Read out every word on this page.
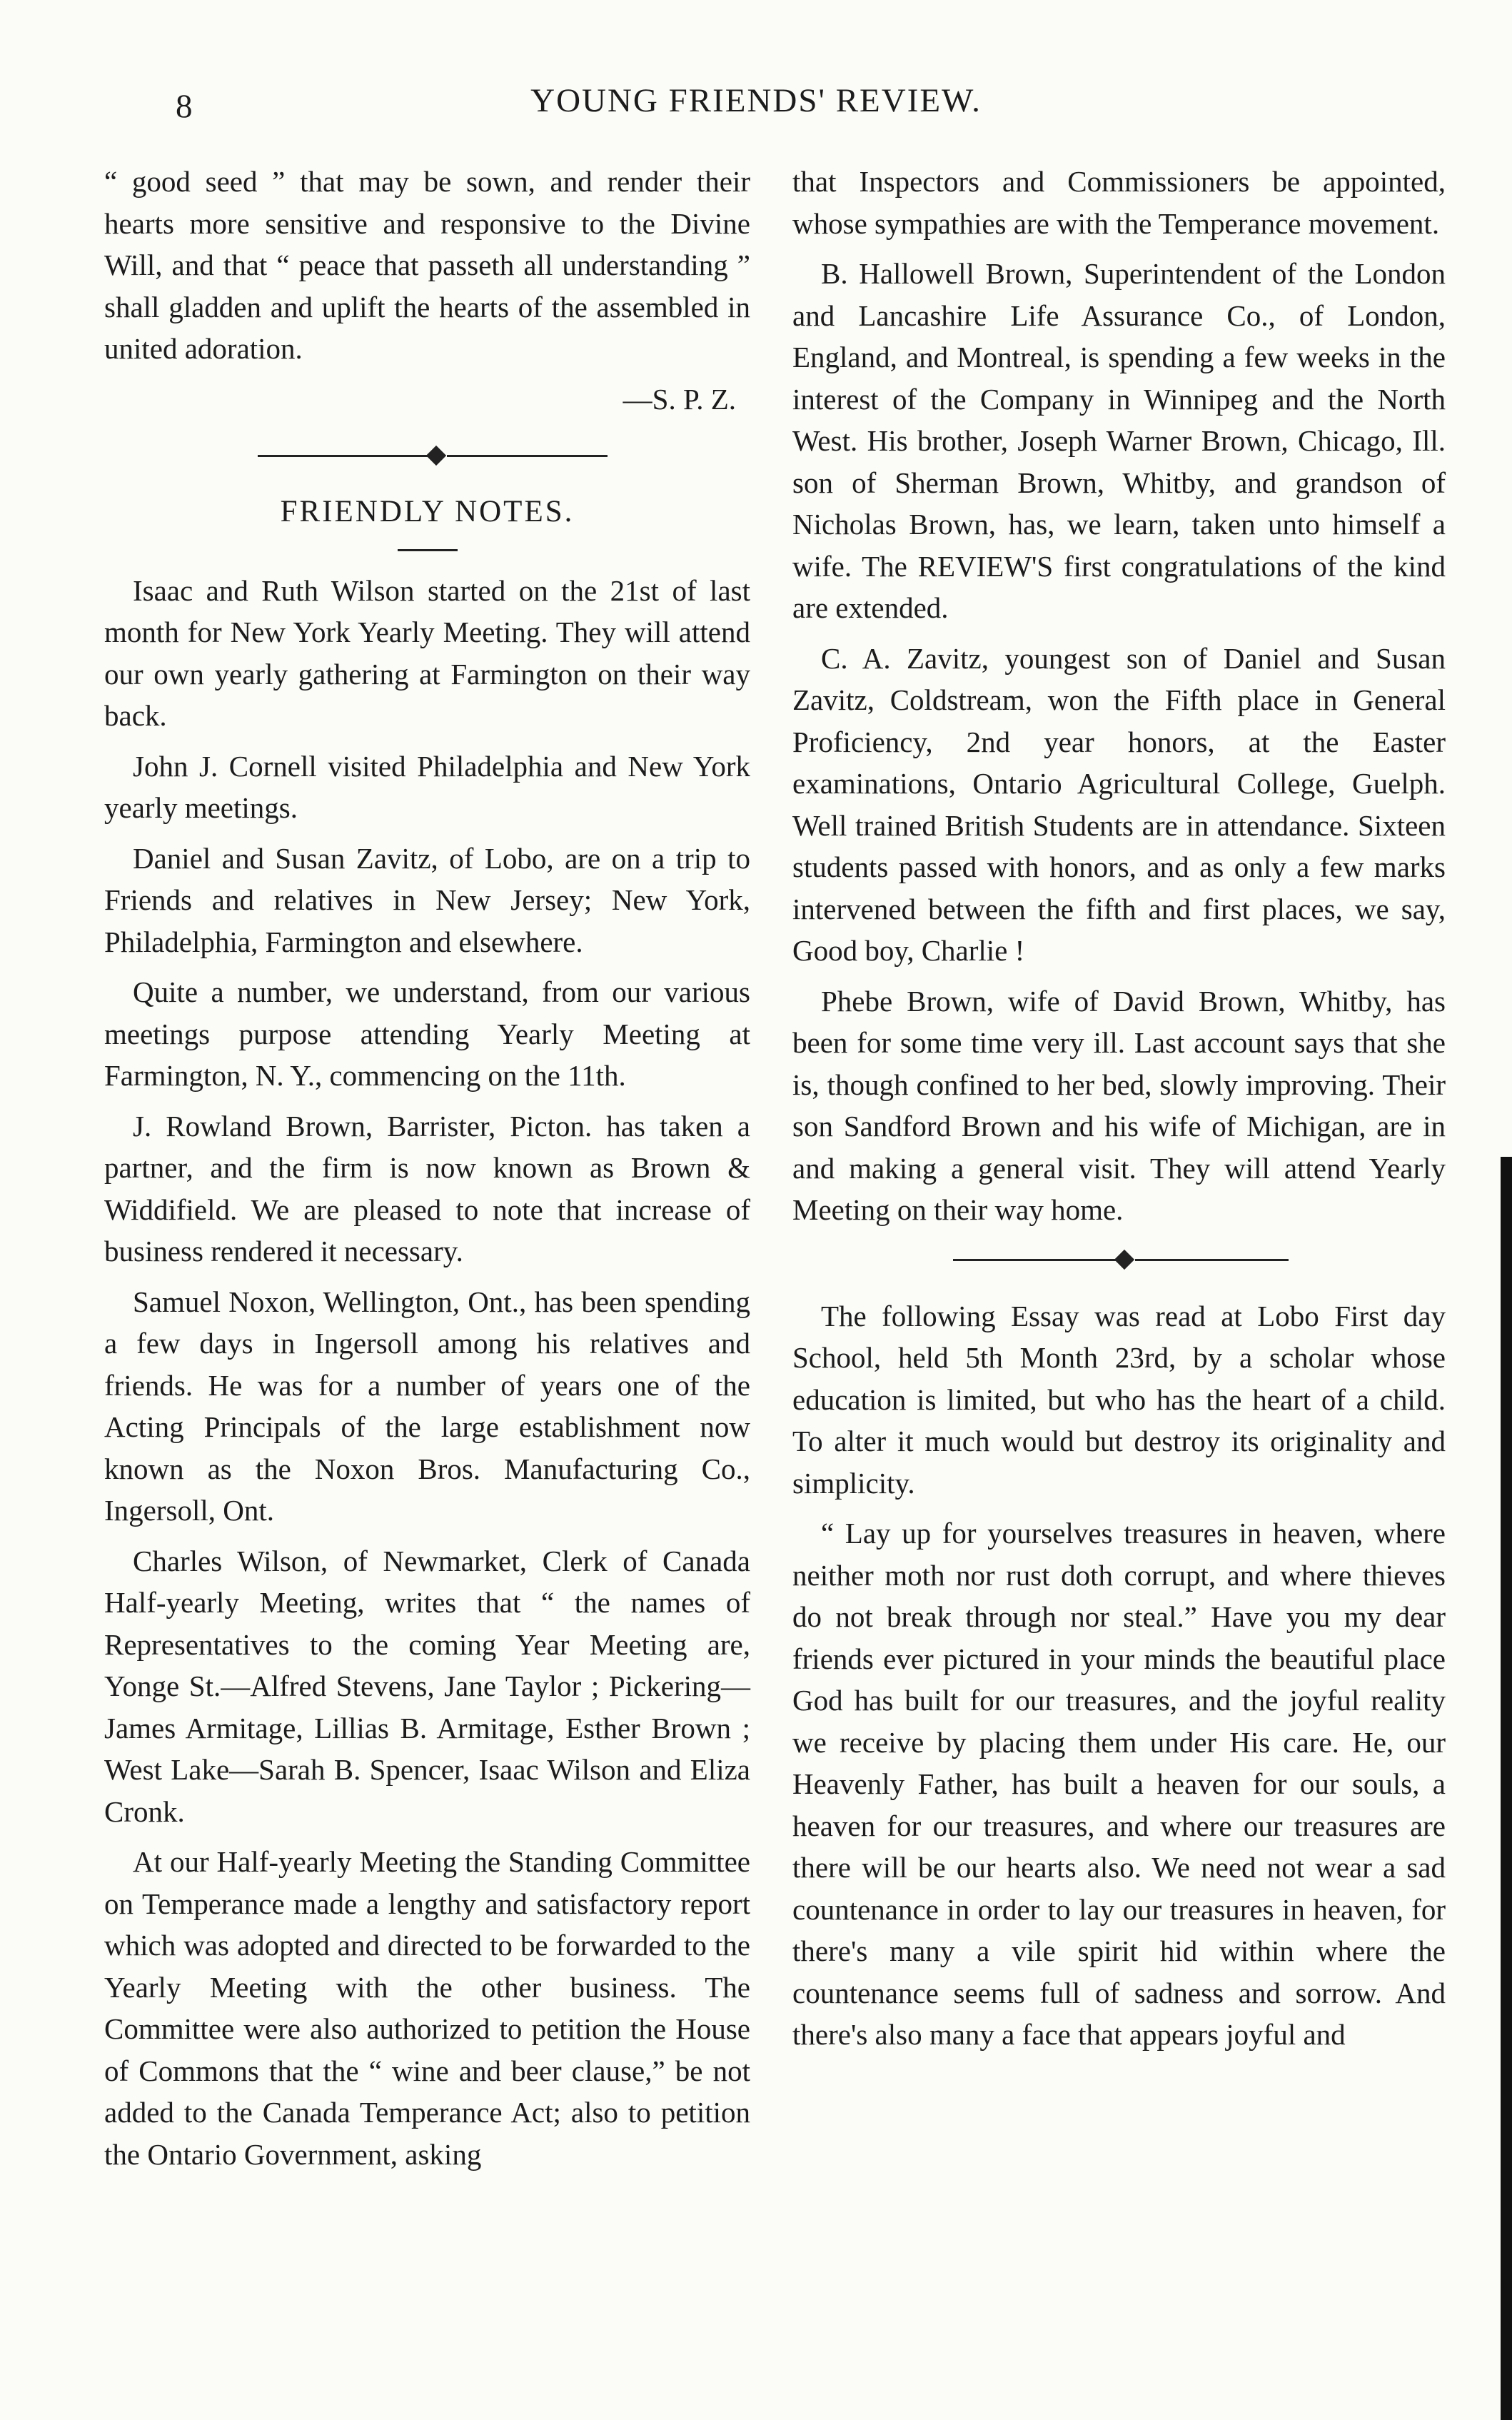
8	YOUNG FRIENDS' REVIEW.

“ good seed ” that may be sown, and render their hearts more sensitive and responsive to the Divine Will, and that “ peace that passeth all understanding ” shall gladden and uplift the hearts of the assembled in united adoration.

—S. P. Z.
FRIENDLY NOTES.

Isaac and Ruth Wilson started on the 21st of last month for New York Yearly Meeting. They will attend our own yearly gathering at Farmington on their way back.

John J. Cornell visited Philadelphia and New York yearly meetings.

Daniel and Susan Zavitz, of Lobo, are on a trip to Friends and relatives in New Jersey; New York, Philadelphia, Farmington and elsewhere.

Quite a number, we understand, from our various meetings purpose attending Yearly Meeting at Farmington, N. Y., commencing on the 11th.

J. Rowland Brown, Barrister, Picton. has taken a partner, and the firm is now known as Brown & Widdifield. We are pleased to note that increase of business rendered it necessary.

Samuel Noxon, Wellington, Ont., has been spending a few days in Ingersoll among his relatives and friends. He was for a number of years one of the Acting Principals of the large establishment now known as the Noxon Bros. Manufacturing Co., Ingersoll, Ont.

Charles Wilson, of Newmarket, Clerk of Canada Half-yearly Meeting, writes that “ the names of Representatives to the coming Year Meeting are, Yonge St.—Alfred Stevens, Jane Taylor ; Pickering—James Armitage, Lillias B. Armitage, Esther Brown ; West Lake—Sarah B. Spencer, Isaac Wilson and Eliza Cronk.

At our Half-yearly Meeting the Standing Committee on Temperance made a lengthy and satisfactory report which was adopted and directed to be forwarded to the Yearly Meeting with the other business. The Committee were also authorized to petition the House of Commons that the “ wine and beer clause,” be not added to the Canada Temperance Act; also to petition the Ontario Government, asking

that Inspectors and Commissioners be appointed, whose sympathies are with the Temperance movement.

B. Hallowell Brown, Superintendent of the London and Lancashire Life Assurance Co., of London, England, and Montreal, is spending a few weeks in the interest of the Company in Winnipeg and the North West. His brother, Joseph Warner Brown, Chicago, Ill. son of Sherman Brown, Whitby, and grandson of Nicholas Brown, has, we learn, taken unto himself a wife. The REVIEW'S first congratulations of the kind are extended.

C. A. Zavitz, youngest son of Daniel and Susan Zavitz, Coldstream, won the Fifth place in General Proficiency, 2nd year honors, at the Easter examinations, Ontario Agricultural College, Guelph. Well trained British Students are in attendance. Sixteen students passed with honors, and as only a few marks intervened between the fifth and first places, we say, Good boy, Charlie !

Phebe Brown, wife of David Brown, Whitby, has been for some time very ill. Last account says that she is, though confined to her bed, slowly improving. Their son Sandford Brown and his wife of Michigan, are in and making a general visit. They will attend Yearly Meeting on their way home.

The following Essay was read at Lobo First day School, held 5th Month 23rd, by a scholar whose education is limited, but who has the heart of a child. To alter it much would but destroy its originality and simplicity.

“ Lay up for yourselves treasures in heaven, where neither moth nor rust doth corrupt, and where thieves do not break through nor steal.” Have you my dear friends ever pictured in your minds the beautiful place God has built for our treasures, and the joyful reality we receive by placing them under His care. He, our Heavenly Father, has built a heaven for our souls, a heaven for our treasures, and where our treasures are there will be our hearts also. We need not wear a sad countenance in order to lay our treasures in heaven, for there's many a vile spirit hid within where the countenance seems full of sadness and sorrow. And there's also many a face that appears joyful and
